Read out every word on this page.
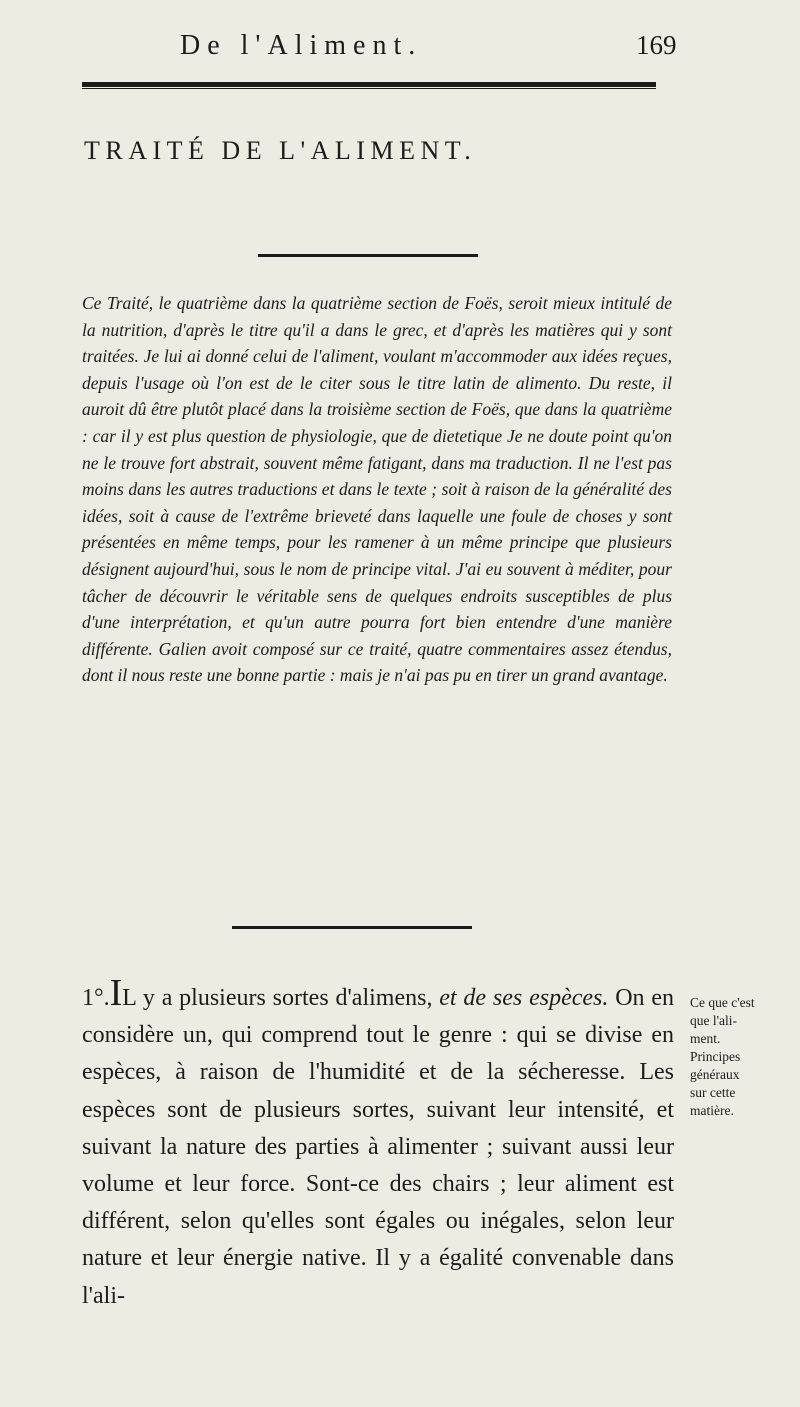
De l'Aliment.	169
TRAITÉ DE L'ALIMENT.

Ce Traité, le quatrième dans la quatrième section de Foës, seroit mieux intitulé de la nutrition, d'après le titre qu'il a dans le grec, et d'après les matières qui y sont traitées. Je lui ai donné celui de l'aliment, voulant m'accommoder aux idées reçues, depuis l'usage où l'on est de le citer sous le titre latin de alimento. Du reste, il auroit dû être plutôt placé dans la troisième section de Foës, que dans la quatrième : car il y est plus question de physiologie, que de dietetique Je ne doute point qu'on ne le trouve fort abstrait, souvent même fatigant, dans ma traduction. Il ne l'est pas moins dans les autres traductions et dans le texte ; soit à raison de la généralité des idées, soit à cause de l'extrême brieveté dans laquelle une foule de choses y sont présentées en même temps, pour les ramener à un même principe que plusieurs désignent aujourd'hui, sous le nom de principe vital. J'ai eu souvent à méditer, pour tâcher de découvrir le véritable sens de quelques endroits susceptibles de plus d'une interprétation, et qu'un autre pourra fort bien entendre d'une manière différente. Galien avoit composé sur ce traité, quatre commentaires assez étendus, dont il nous reste une bonne partie : mais je n'ai pas pu en tirer un grand avantage.

1°.IL y a plusieurs sortes d'alimens, et de ses espèces. On en considère un, qui comprend tout le genre : qui se divise en espèces, à raison de l'humidité et de la sécheresse. Les espèces sont de plusieurs sortes, suivant leur intensité, et suivant la nature des parties à alimenter ; suivant aussi leur volume et leur force. Sont-ce des chairs ; leur aliment est différent, selon qu'elles sont égales ou inégales, selon leur nature et leur énergie native. Il y a égalité convenable dans l'ali-

Ce que c'est
que l'ali-
ment.
Principes
généraux
sur cette
matière.
